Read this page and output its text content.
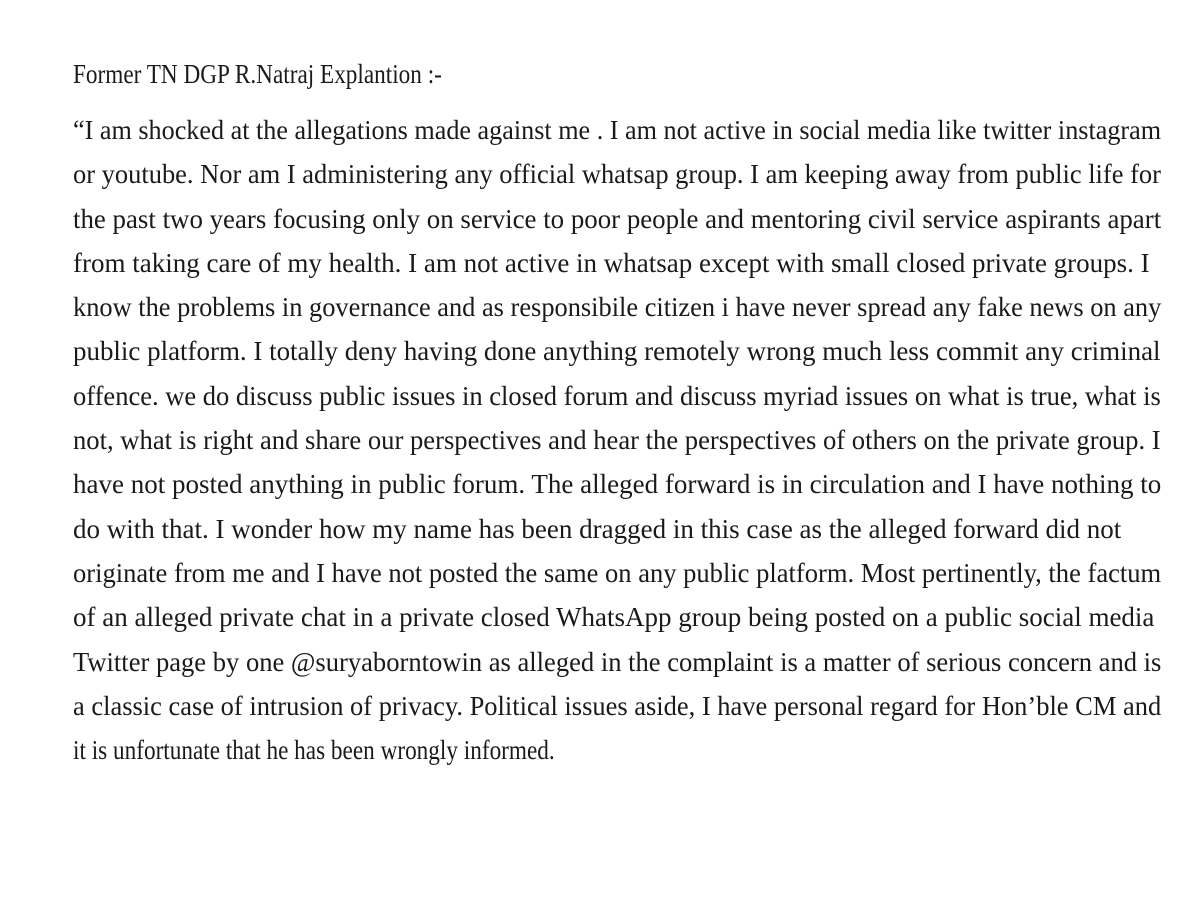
Former TN DGP R.Natraj Explantion :-
“I am shocked at the allegations made against me . I am not active in social media like twitter instagram
or youtube. Nor am I administering any official whatsap group. I am keeping away from public life for
the past two years focusing only on service to poor people and mentoring civil service aspirants apart
from taking care of my health. I am not active in whatsap except with small closed private groups. I
know the problems in governance and as responsibile citizen i have never spread any fake news on any
public platform. I totally deny having done anything remotely wrong much less commit any criminal
offence. we do discuss public issues in closed forum and discuss myriad issues on what is true, what is
not, what is right and share our perspectives and hear the perspectives of others on the private group. I
have not posted anything in public forum. The alleged forward is in circulation and I have nothing to
do with that. I wonder how my name has been dragged in this case as the alleged forward did not
originate from me and I have not posted the same on any public platform. Most pertinently, the factum
of an alleged private chat in a private closed WhatsApp group being posted on a public social media
Twitter page by one @suryaborntowin as alleged in the complaint is a matter of serious concern and is
a classic case of intrusion of privacy. Political issues aside, I have personal regard for Hon’ble CM and
it is unfortunate that he has been wrongly informed.
